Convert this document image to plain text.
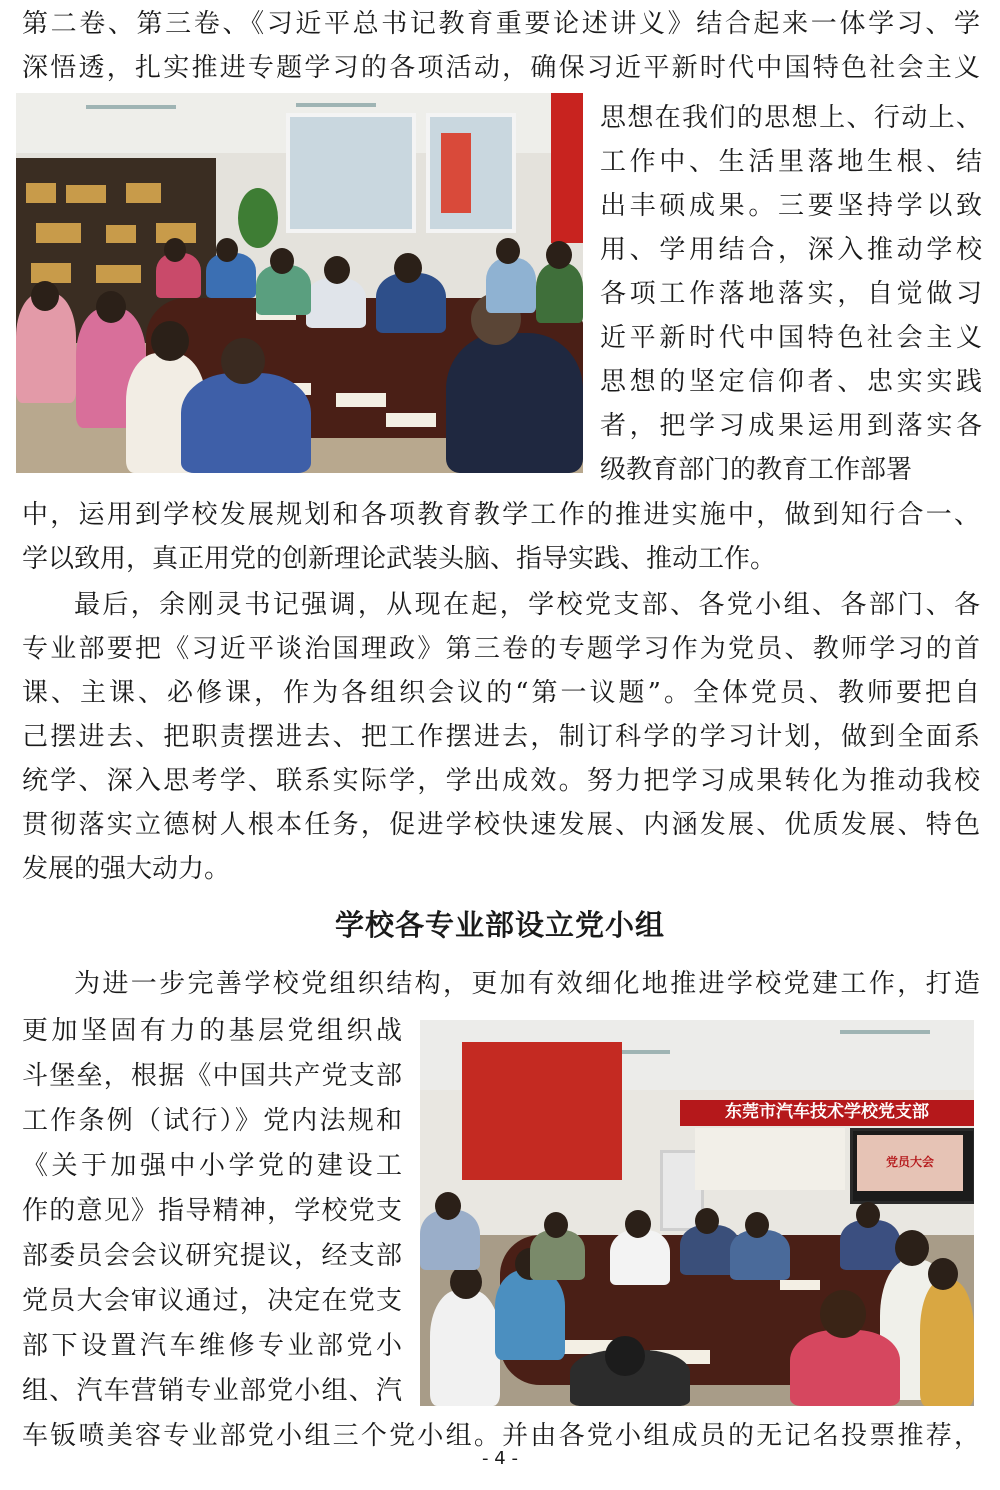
第二卷、第三卷、《习近平总书记教育重要论述讲义》结合起来一体学习、学
深悟透，扎实推进专题学习的各项活动，确保习近平新时代中国特色社会主义
思想在我们的思想上、行动上、
工作中、生活里落地生根、结
出丰硕成果。三要坚持学以致
用、学用结合，深入推动学校
各项工作落地落实，自觉做习
近平新时代中国特色社会主义
思想的坚定信仰者、忠实实践
者，把学习成果运用到落实各
级教育部门的教育工作部署
中，运用到学校发展规划和各项教育教学工作的推进实施中，做到知行合一、
学以致用，真正用党的创新理论武装头脑、指导实践、推动工作。
最后，余刚灵书记强调，从现在起，学校党支部、各党小组、各部门、各
专业部要把《习近平谈治国理政》第三卷的专题学习作为党员、教师学习的首
课、主课、必修课，作为各组织会议的“第一议题”。全体党员、教师要把自
己摆进去、把职责摆进去、把工作摆进去，制订科学的学习计划，做到全面系
统学、深入思考学、联系实际学，学出成效。努力把学习成果转化为推动我校
贯彻落实立德树人根本任务，促进学校快速发展、内涵发展、优质发展、特色
发展的强大动力。
学校各专业部设立党小组
为进一步完善学校党组织结构，更加有效细化地推进学校党建工作，打造
更加坚固有力的基层党组织战
斗堡垒，根据《中国共产党支部
工作条例（试行）》党内法规和
《关于加强中小学党的建设工
作的意见》指导精神，学校党支
部委员会会议研究提议，经支部
党员大会审议通过，决定在党支
部下设置汽车维修专业部党小
组、汽车营销专业部党小组、汽
东莞市汽车技术学校党支部
党员大会
车钣喷美容专业部党小组三个党小组。并由各党小组成员的无记名投票推荐，
- 4 -
